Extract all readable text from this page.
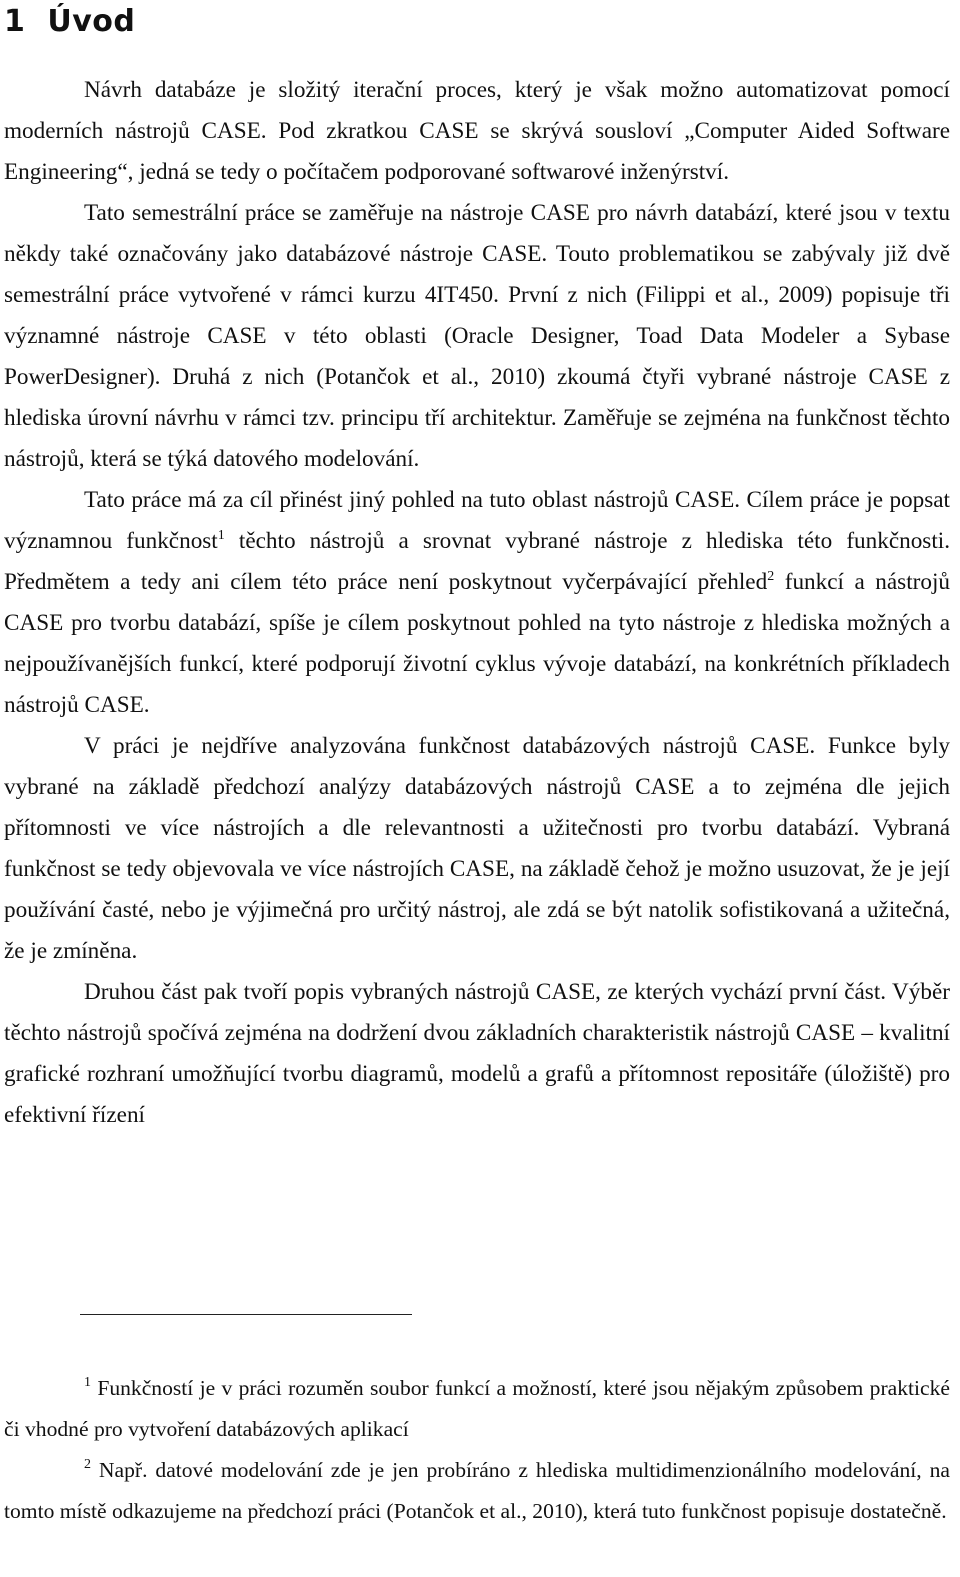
1 Úvod

Návrh databáze je složitý iterační proces, který je však možno automatizovat pomocí moderních nástrojů CASE. Pod zkratkou CASE se skrývá sousloví „Computer Aided Software Engineering“, jedná se tedy o počítačem podporované softwarové inženýrství.

Tato semestrální práce se zaměřuje na nástroje CASE pro návrh databází, které jsou v textu někdy také označovány jako databázové nástroje CASE. Touto problematikou se zabývaly již dvě semestrální práce vytvořené v rámci kurzu 4IT450. První z nich (Filippi et al., 2009) popisuje tři významné nástroje CASE v této oblasti (Oracle Designer, Toad Data Modeler a Sybase PowerDesigner). Druhá z nich (Potančok et al., 2010) zkoumá čtyři vybrané nástroje CASE z hlediska úrovní návrhu v rámci tzv. principu tří architektur. Zaměřuje se zejména na funkčnost těchto nástrojů, která se týká datového modelování.

Tato práce má za cíl přinést jiný pohled na tuto oblast nástrojů CASE. Cílem práce je popsat významnou funkčnost$^1$ těchto nástrojů a srovnat vybrané nástroje z hlediska této funkčnosti. Předmětem a tedy ani cílem této práce není poskytnout vyčerpávající přehled$^2$ funkcí a nástrojů CASE pro tvorbu databází, spíše je cílem poskytnout pohled na tyto nástroje z hlediska možných a nejpoužívanějších funkcí, které podporují životní cyklus vývoje databází, na konkrétních příkladech nástrojů CASE.

V práci je nejdříve analyzována funkčnost databázových nástrojů CASE. Funkce byly vybrané na základě předchozí analýzy databázových nástrojů CASE a to zejména dle jejich přítomnosti ve více nástrojích a dle relevantnosti a užitečnosti pro tvorbu databází. Vybraná funkčnost se tedy objevovala ve více nástrojích CASE, na základě čehož je možno usuzovat, že je její používání časté, nebo je výjimečná pro určitý nástroj, ale zdá se být natolik sofistikovaná a užitečná, že je zmíněna.

Druhou část pak tvoří popis vybraných nástrojů CASE, ze kterých vychází první část. Výběr těchto nástrojů spočívá zejména na dodržení dvou základních charakteristik nástrojů CASE – kvalitní grafické rozhraní umožňující tvorbu diagramů, modelů a grafů a přítomnost repositáře (úložiště) pro efektivní řízení

$^1$ Funkčností je v práci rozuměn soubor funkcí a možností, které jsou nějakým způsobem praktické či vhodné pro vytvoření databázových aplikací

$^2$ Např. datové modelování zde je jen probíráno z hlediska multidimenzionálního modelování, na tomto místě odkazujeme na předchozí práci (Potančok et al., 2010), která tuto funkčnost popisuje dostatečně.
